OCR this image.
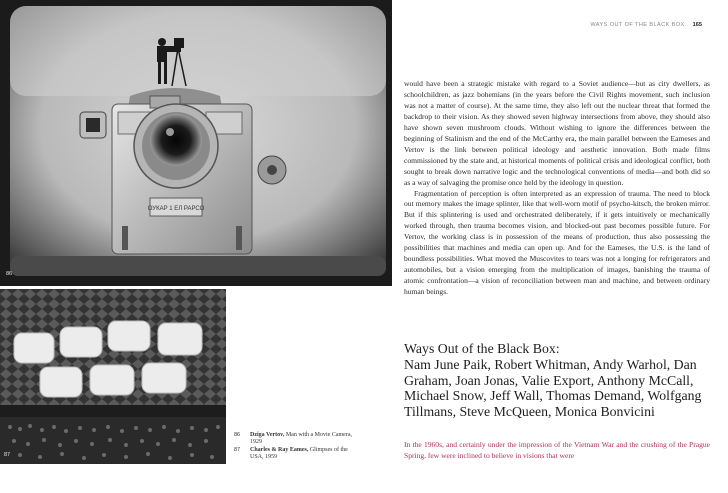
ОУКАР 1 ЕЛ РАРСО
86
87
86	Dziga Vertov, Man with a Movie Camera, 1929
87	Charles & Ray Eames, Glimpses of the USA, 1959
WAYS OUT OF THE BLACK BOX 165

would have been a strategic mistake with regard to a Soviet audience—but as city dwellers, as schoolchildren, as jazz bohemians (in the years before the Civil Rights movement, such inclusion was not a matter of course). At the same time, they also left out the nuclear threat that formed the backdrop to their vision. As they showed seven highway intersections from above, they should also have shown seven mushroom clouds. Without wishing to ignore the differences between the beginning of Stalinism and the end of the McCarthy era, the main parallel between the Eameses and Vertov is the link between political ideology and aesthetic innovation. Both made films commissioned by the state and, at historical moments of political crisis and ideological conflict, both sought to break down narrative logic and the technological conventions of media—and both did so as a way of salvaging the promise once held by the ideology in question.

Fragmentation of perception is often interpreted as an expression of trauma. The need to block out memory makes the image splinter, like that well-worn motif of psycho-kitsch, the broken mirror. But if this splintering is used and orchestrated deliberately, if it gets intuitively or mechanically worked through, then trauma becomes vision, and blocked-out past becomes possible future. For Vertov, the working class is in possession of the means of production, thus also possessing the possibilities that machines and media can open up. And for the Eameses, the U.S. is the land of boundless possibilities. What moved the Muscovites to tears was not a longing for refrigerators and automobiles, but a vision emerging from the multiplication of images, banishing the trauma of atomic confrontation—a vision of reconciliation between man and machine, and between ordinary human beings.

Ways Out of the Black Box:
Nam June Paik, Robert Whitman, Andy Warhol, Dan Graham, Joan Jonas, Valie Export, Anthony McCall, Michael Snow, Jeff Wall, Thomas Demand, Wolfgang Tillmans, Steve McQueen, Monica Bonvicini
In the 1960s, and certainly under the impression of the Vietnam War and the crushing of the Prague Spring, few were inclined to believe in visions that were
